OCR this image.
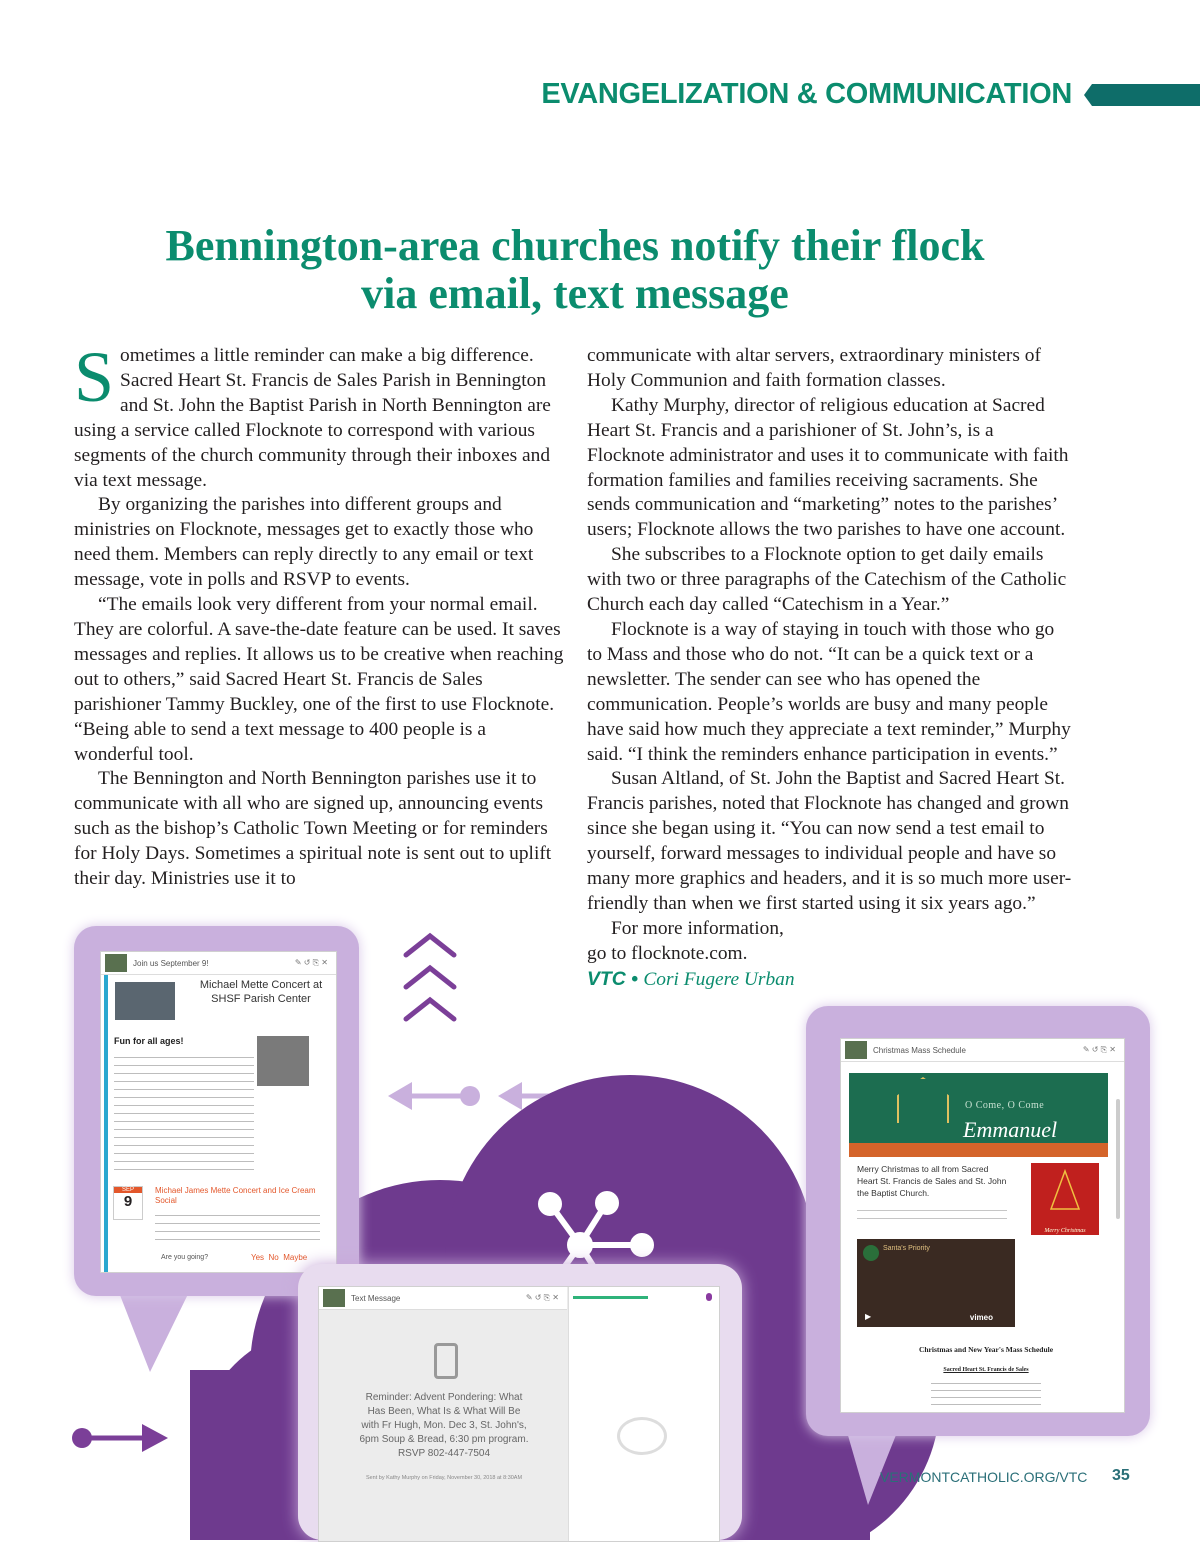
EVANGELIZATION & COMMUNICATION
Bennington-area churches notify their flock
via email, text message

Sometimes a little reminder can make a big difference. Sacred Heart St. Francis de Sales Parish in Bennington and St. John the Baptist Parish in North Bennington are using a service called Flocknote to correspond with various segments of the church community through their inboxes and via text message.

By organizing the parishes into different groups and ministries on Flocknote, messages get to exactly those who need them. Members can reply directly to any email or text message, vote in polls and RSVP to events.

“The emails look very different from your normal email. They are colorful. A save-the-date feature can be used. It saves messages and replies. It allows us to be creative when reaching out to others,” said Sacred Heart St. Francis de Sales parishioner Tammy Buckley, one of the first to use Flocknote. “Being able to send a text message to 400 people is a wonderful tool.

The Bennington and North Bennington parishes use it to communicate with all who are signed up, announcing events such as the bishop’s Catholic Town Meeting or for reminders for Holy Days. Sometimes a spiritual note is sent out to uplift their day. Ministries use it to

communicate with altar servers, extraordinary ministers of Holy Communion and faith formation classes.

Kathy Murphy, director of religious education at Sacred Heart St. Francis and a parishioner of St. John’s, is a Flocknote administrator and uses it to communicate with faith formation families and families receiving sacraments. She sends communication and “marketing” notes to the parishes’ users; Flocknote allows the two parishes to have one account.

She subscribes to a Flocknote option to get daily emails with two or three paragraphs of the Catechism of the Catholic Church each day called “Catechism in a Year.”

Flocknote is a way of staying in touch with those who go to Mass and those who do not. “It can be a quick text or a newsletter. The sender can see who has opened the communication. People’s worlds are busy and many people have said how much they appreciate a text reminder,” Murphy said. “I think the reminders enhance participation in events.”

Susan Altland, of St. John the Baptist and Sacred Heart St. Francis parishes, noted that Flocknote has changed and grown since she began using it. “You can now send a test email to yourself, forward messages to individual people and have so many more graphics and headers, and it is so much more user-friendly than when we first started using it six years ago.”

For more information,

go to flocknote.com.

VTC • Cori Fugere Urban

Join us September 9!	✎ ↺ ⎘ ✕
Michael Mette Concert at
SHSF Parish Center
Fun for all ages!
SEP
9
Michael James Mette Concert and Ice Cream Social
Are you going?	Yes No Maybe
Christmas Mass Schedule	✎ ↺ ⎘ ✕
O Come, O Come
Emmanuel
Merry Christmas to all from Sacred Heart St. Francis de Sales and St. John the Baptist Church.
Merry Christmas
Santa's Priority
▶	vimeo
Christmas and New Year's Mass Schedule
Sacred Heart St. Francis de Sales
Text Message	✎ ↺ ⎘ ✕
Reminder: Advent Pondering: What Has Been, What Is & What Will Be with Fr Hugh, Mon. Dec 3, St. John's, 6pm Soup & Bread, 6:30 pm program. RSVP 802-447-7504
Sent by Kathy Murphy on Friday, November 30, 2018 at 8:30AM	VERMONTCATHOLIC.ORG/VTC 35
